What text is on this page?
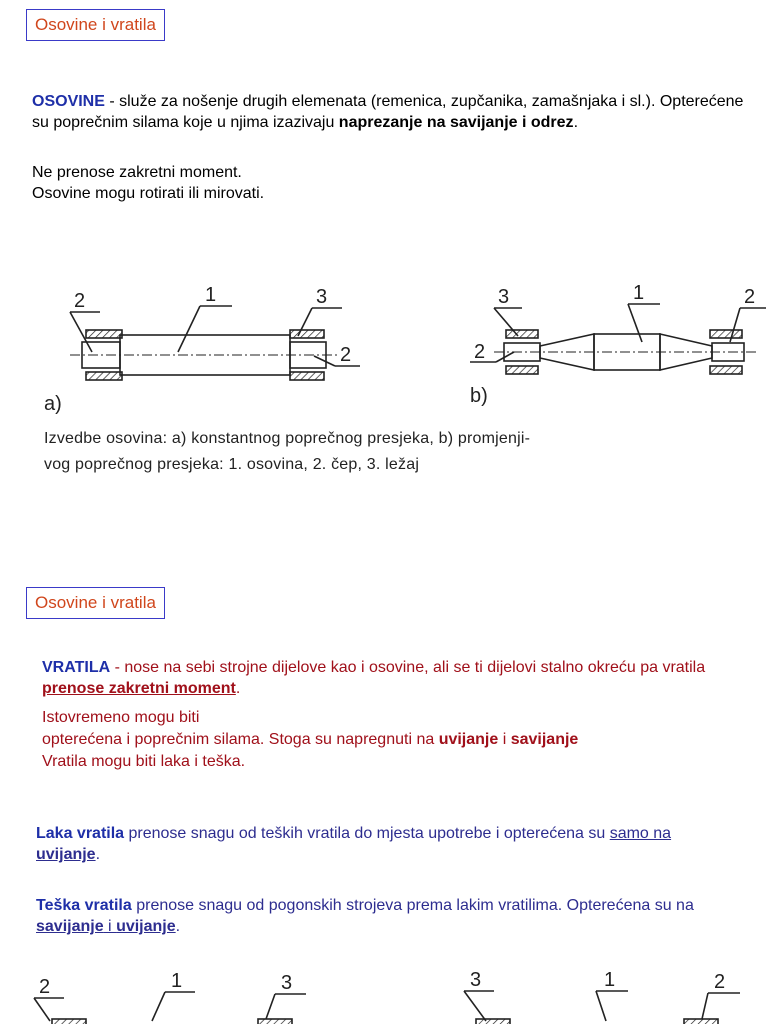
Osovine i vratila
OSOVINE - služe za nošenje drugih elemenata (remenica, zupčanika, zamašnjaka i sl.). Opterećene su poprečnim silama koje u njima izazivaju naprezanje na savijanje i odrez.
Ne prenose zakretni moment.
Osovine mogu rotirati ili mirovati.
2	1	3
2
a)
3	1	2
2
b)
Izvedbe osovina: a) konstantnog poprečnog presjeka, b) promjenji-
vog poprečnog presjeka: 1. osovina, 2. čep, 3. ležaj
Osovine i vratila
VRATILA - nose na sebi strojne dijelove kao i osovine, ali se ti dijelovi stalno okreću pa vratila prenose zakretni moment.
Istovremeno mogu biti
opterećena i poprečnim silama. Stoga su napregnuti na uvijanje i savijanje
Vratila mogu biti laka i teška.
Laka vratila prenose snagu od teških vratila do mjesta upotrebe i opterećena su samo na uvijanje.
Teška vratila prenose snagu od pogonskih strojeva prema lakim vratilima. Opterećena su na savijanje i uvijanje.
2	1	3	3	1	2
